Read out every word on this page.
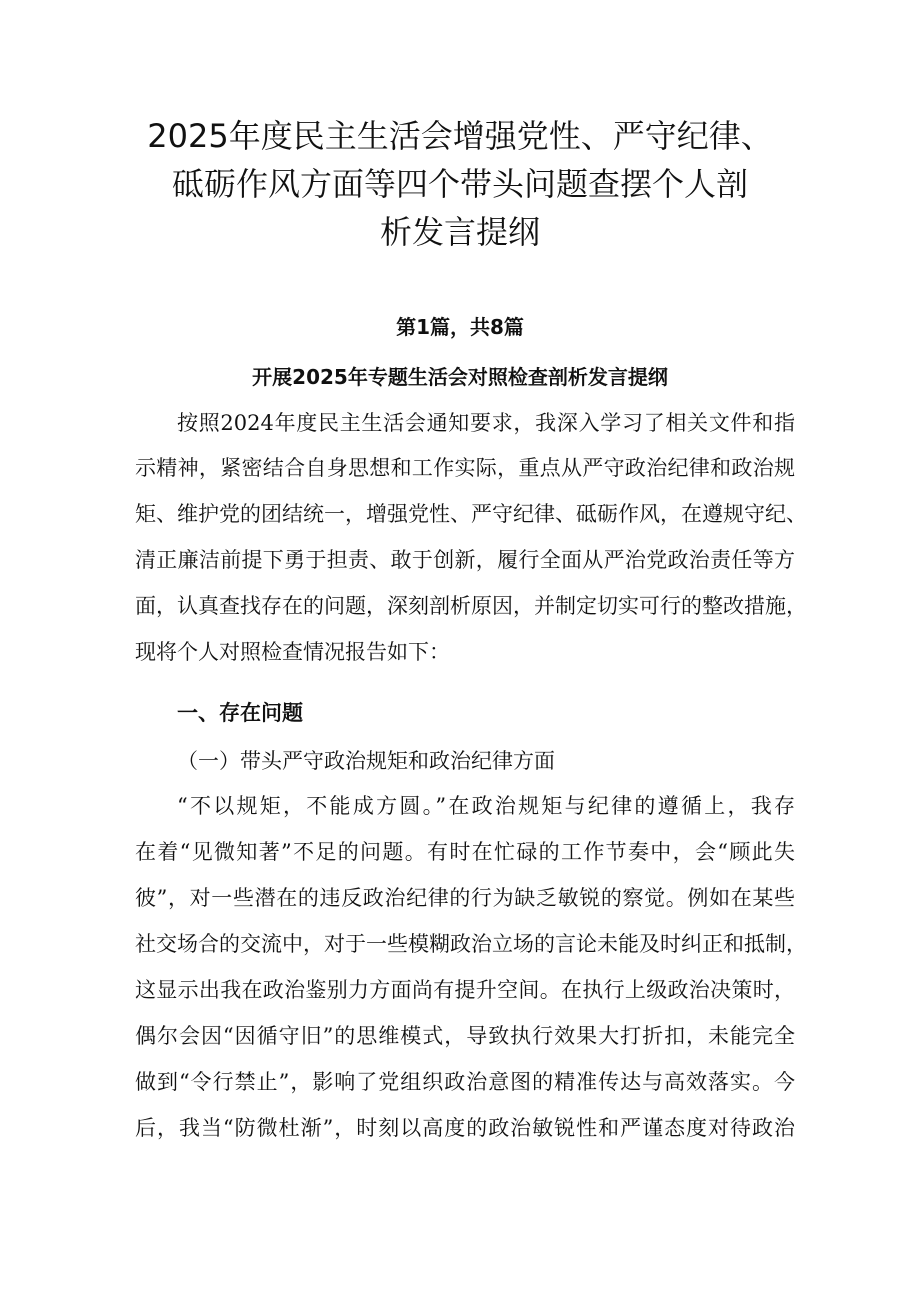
2025年度民主生活会增强党性、严守纪律、
砥砺作风方面等四个带头问题查摆个人剖
析发言提纲
第1篇，共8篇
开展2025年专题生活会对照检查剖析发言提纲
按照2024年度民主生活会通知要求，我深入学习了相关文件和指
示精神，紧密结合自身思想和工作实际，重点从严守政治纪律和政治规
矩、维护党的团结统一，增强党性、严守纪律、砥砺作风，在遵规守纪、
清正廉洁前提下勇于担责、敢于创新，履行全面从严治党政治责任等方
面，认真查找存在的问题，深刻剖析原因，并制定切实可行的整改措施，
现将个人对照检查情况报告如下：
一、存在问题
（一）带头严守政治规矩和政治纪律方面
“不以规矩，不能成方圆。”在政治规矩与纪律的遵循上，我存
在着“见微知著”不足的问题。有时在忙碌的工作节奏中，会“顾此失
彼”，对一些潜在的违反政治纪律的行为缺乏敏锐的察觉。例如在某些
社交场合的交流中，对于一些模糊政治立场的言论未能及时纠正和抵制，
这显示出我在政治鉴别力方面尚有提升空间。在执行上级政治决策时，
偶尔会因“因循守旧”的思维模式，导致执行效果大打折扣，未能完全
做到“令行禁止”，影响了党组织政治意图的精准传达与高效落实。今
后，我当“防微杜渐”，时刻以高度的政治敏锐性和严谨态度对待政治
